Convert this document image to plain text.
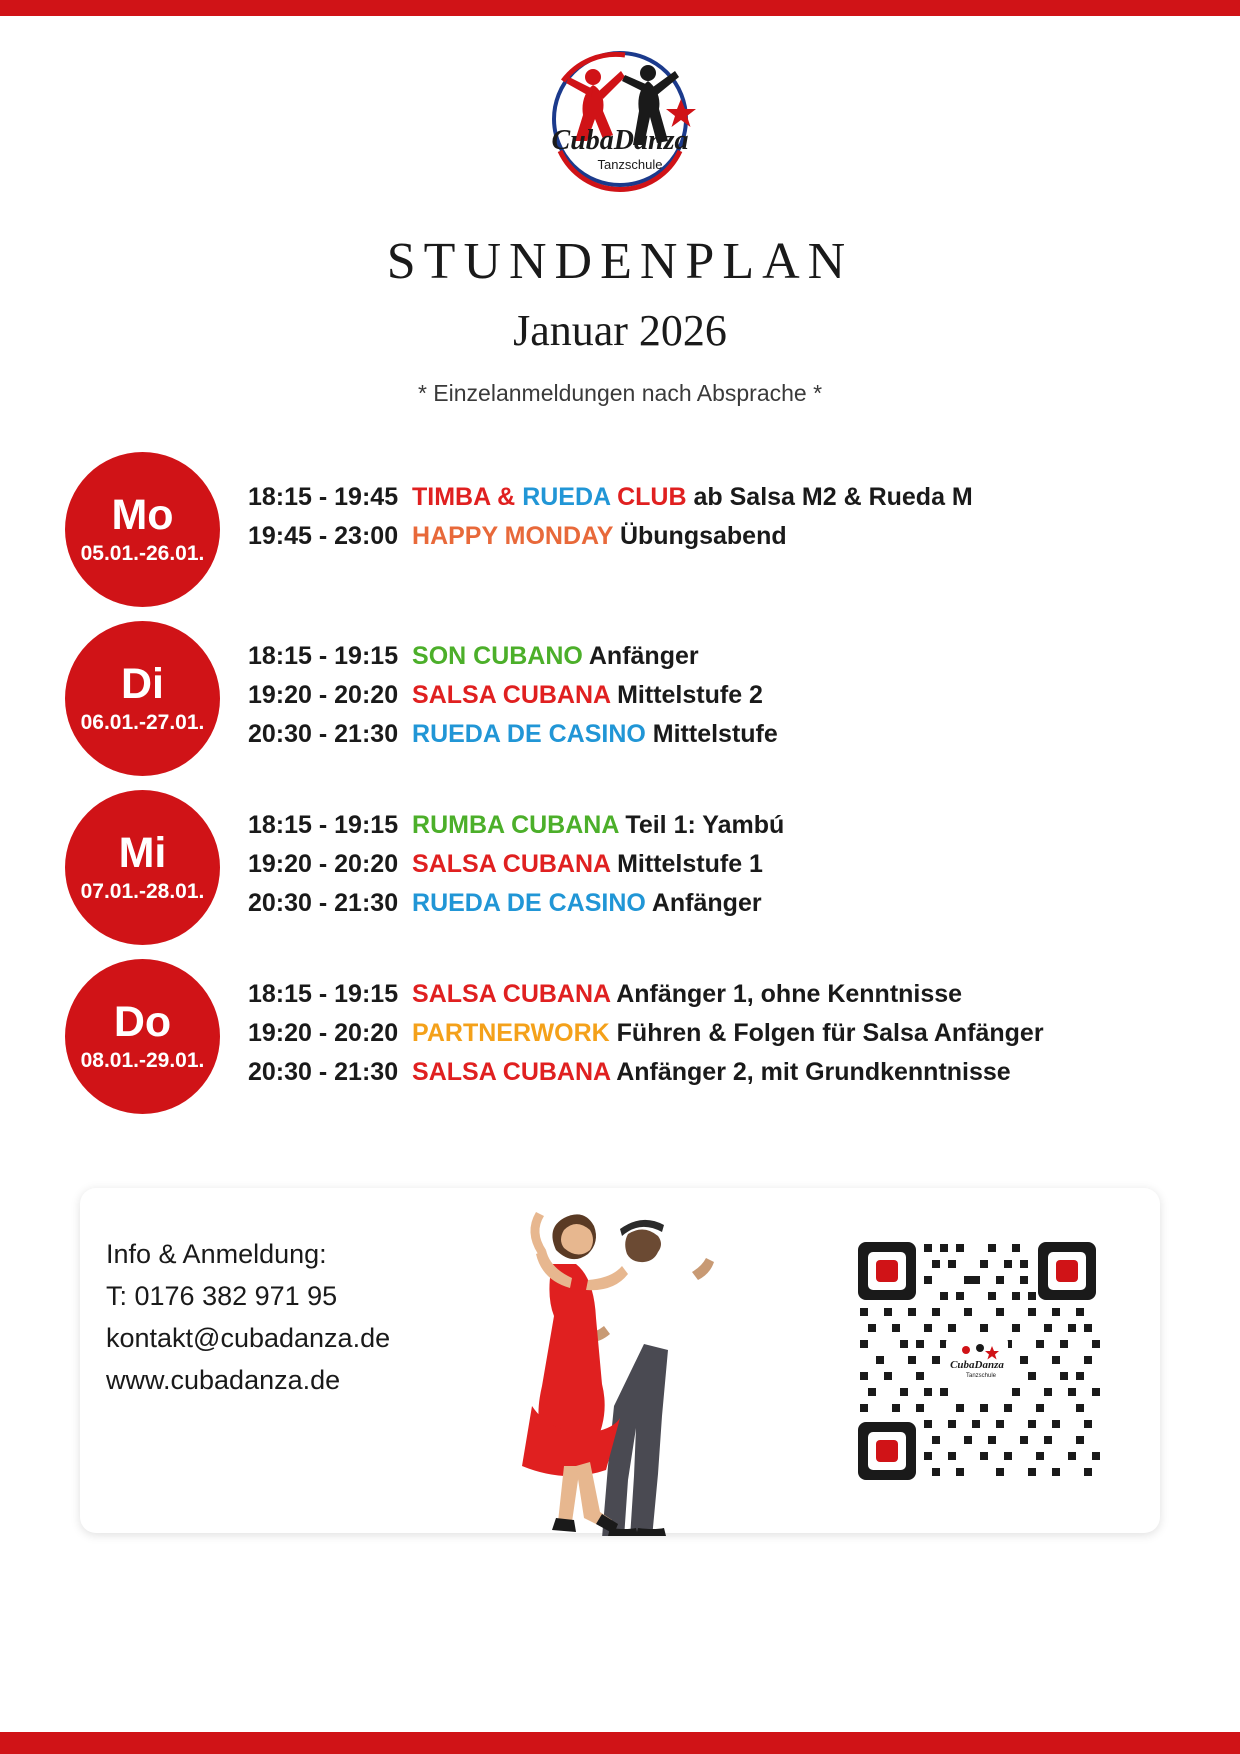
CubaDanza
Tanzschule
STUNDENPLAN
Januar 2026
* Einzelanmeldungen nach Absprache *
Mo
05.01.-26.01.
18:15 - 19:45 TIMBA & RUEDA CLUB ab Salsa M2 & Rueda M
19:45 - 23:00 HAPPY MONDAY Übungsabend
Di
06.01.-27.01.
18:15 - 19:15 SON CUBANO Anfänger
19:20 - 20:20 SALSA CUBANA Mittelstufe 2
20:30 - 21:30 RUEDA DE CASINO Mittelstufe
Mi
07.01.-28.01.
18:15 - 19:15 RUMBA CUBANA Teil 1: Yambú
19:20 - 20:20 SALSA CUBANA Mittelstufe 1
20:30 - 21:30 RUEDA DE CASINO Anfänger
Do
08.01.-29.01.
18:15 - 19:15 SALSA CUBANA Anfänger 1, ohne Kenntnisse
19:20 - 20:20 PARTNERWORK Führen & Folgen für Salsa Anfänger
20:30 - 21:30 SALSA CUBANA Anfänger 2, mit Grundkenntnisse
Info & Anmeldung:
T: 0176 382 971 95
kontakt@cubadanza.de
www.cubadanza.de	CubaDanza
Tanzschule
